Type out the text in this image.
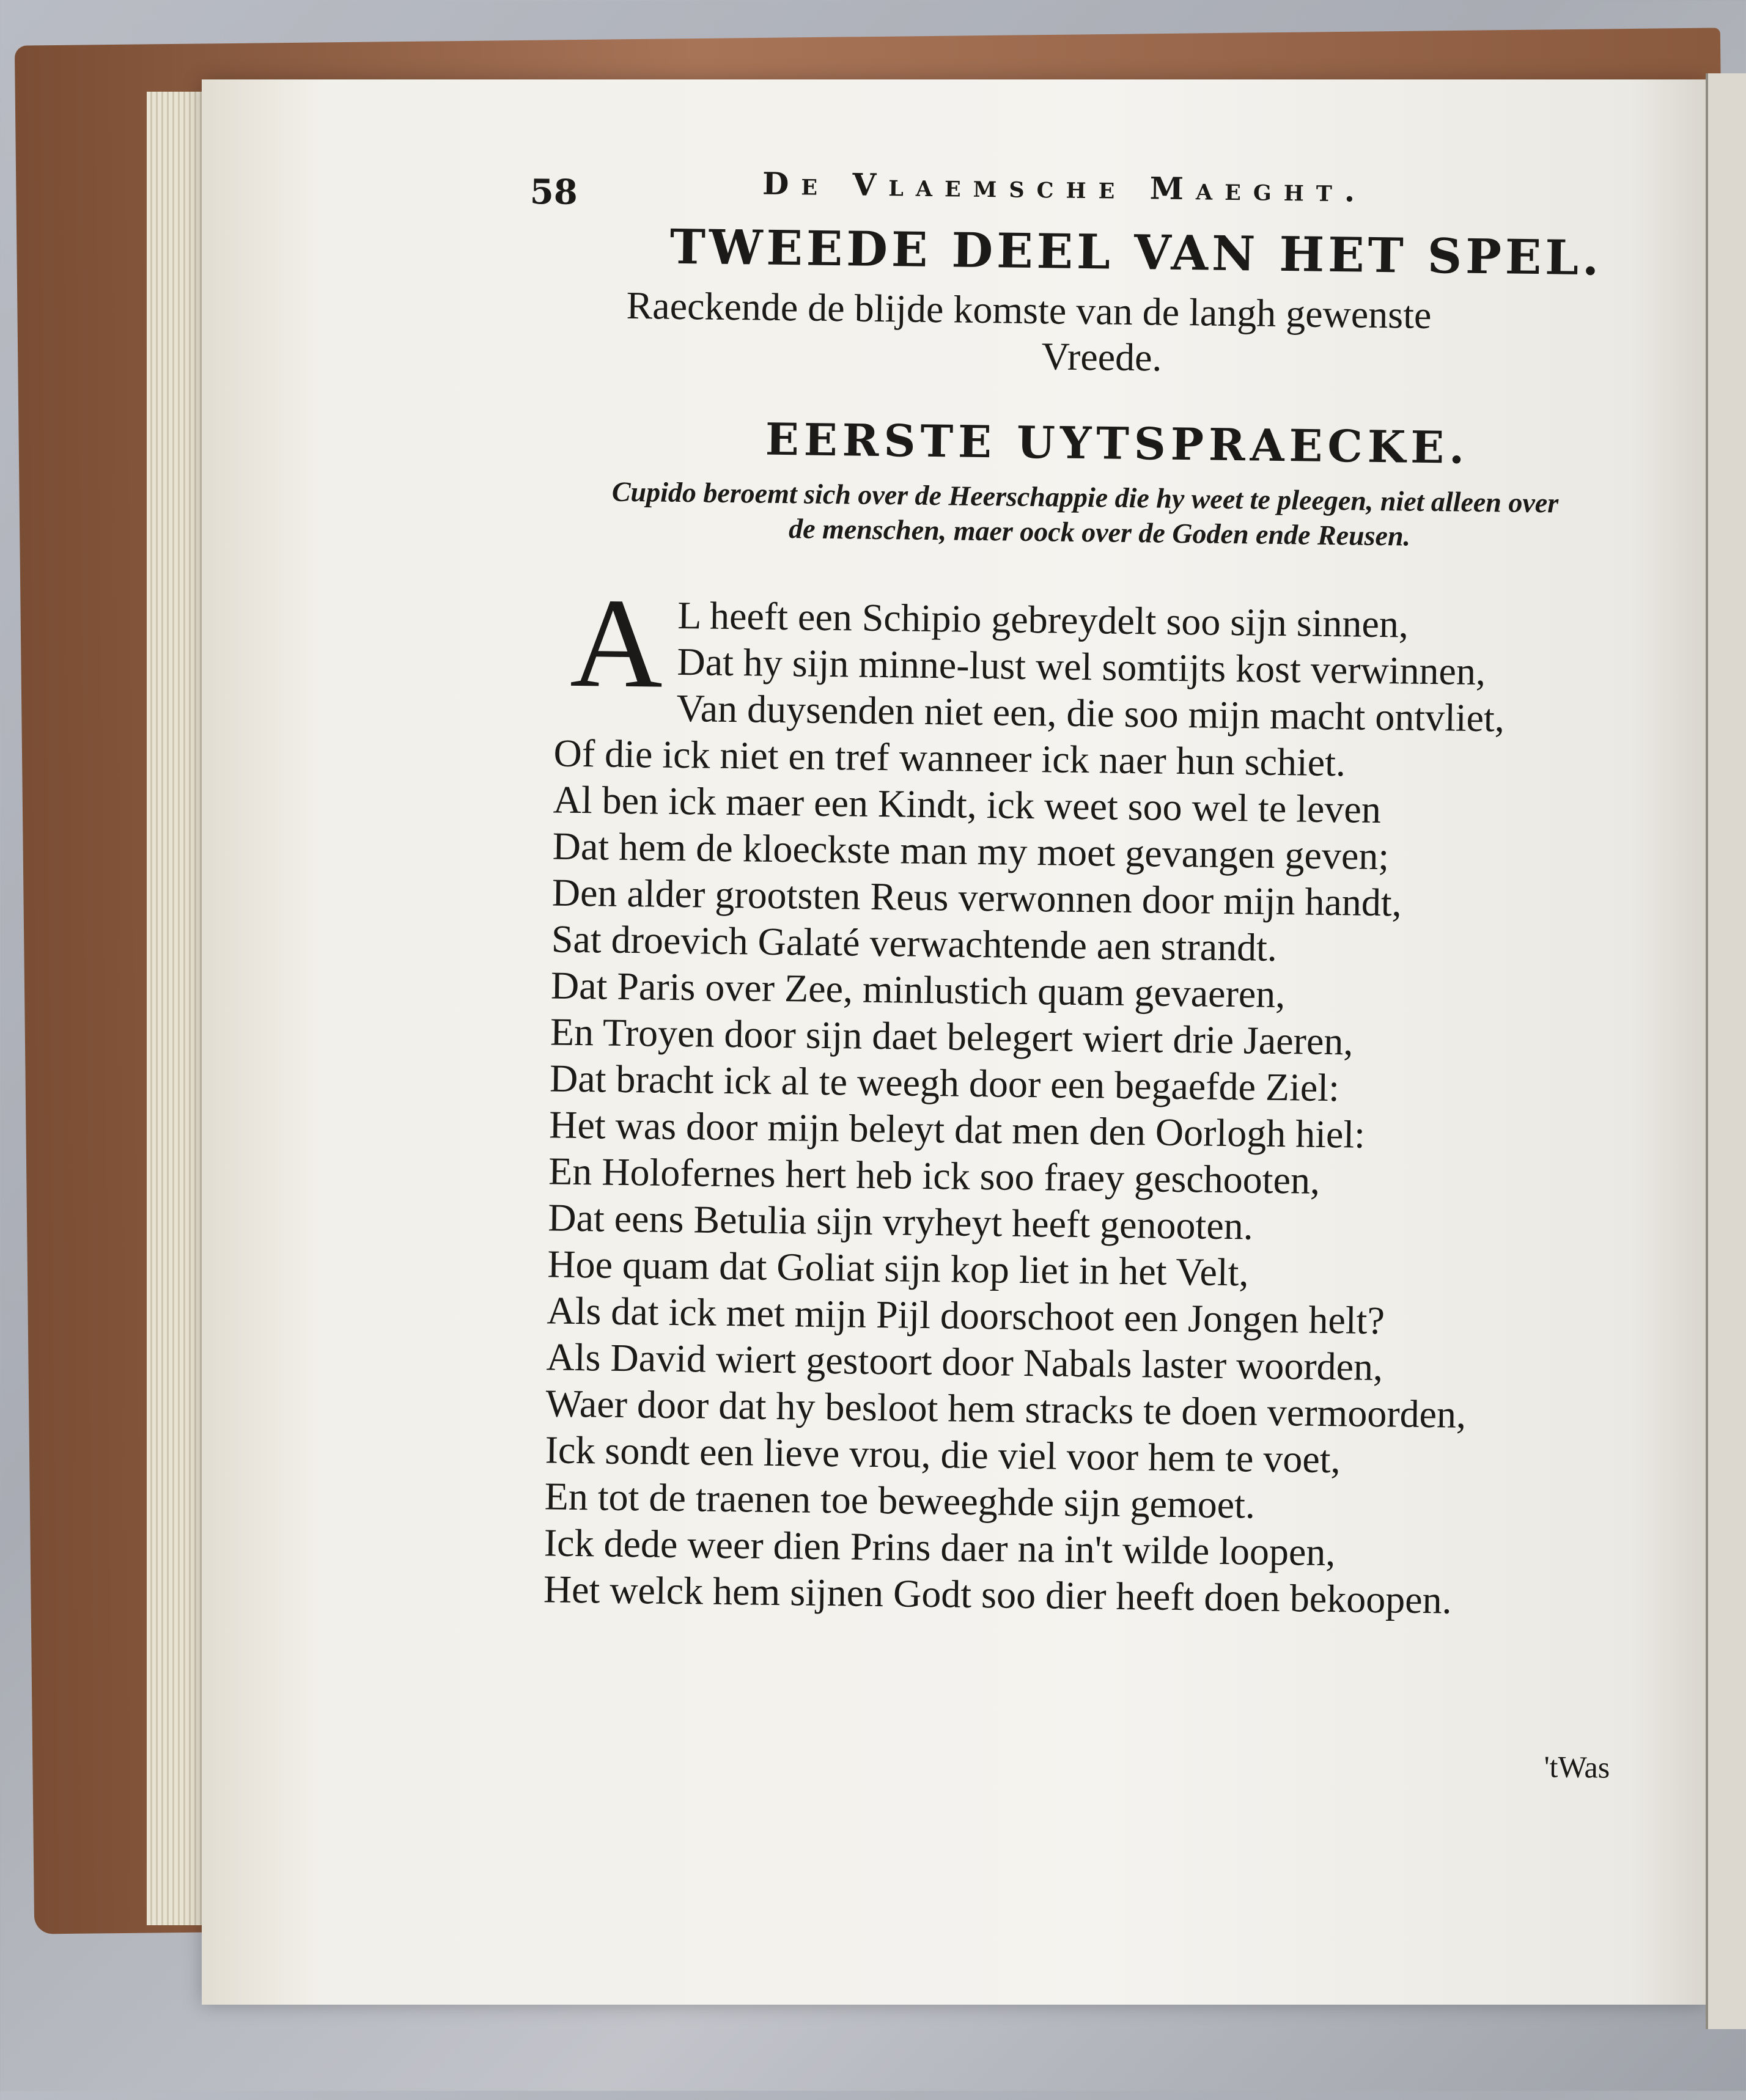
58	De Vlaemsche Maeght.
TWEEDE DEEL VAN HET SPEL.
Raeckende de blijde komste van de langh gewenste
Vreede.
EERSTE UYTSPRAECKE.
Cupido beroemt sich over de Heerschappie die hy weet te pleegen, niet alleen over
de menschen, maer oock over de Goden ende Reusen.
A L heeft een Schipio gebreydelt soo sijn sinnen,
Dat hy sijn minne-lust wel somtijts kost verwinnen,
Van duysenden niet een, die soo mijn macht ontvliet,
Of die ick niet en tref wanneer ick naer hun schiet.
Al ben ick maer een Kindt, ick weet soo wel te leven
Dat hem de kloeckste man my moet gevangen geven;
Den alder grootsten Reus verwonnen door mijn handt,
Sat droevich Galaté verwachtende aen strandt.
Dat Paris over Zee, minlustich quam gevaeren,
En Troyen door sijn daet belegert wiert drie Jaeren,
Dat bracht ick al te weegh door een begaefde Ziel:
Het was door mijn beleyt dat men den Oorlogh hiel:
En Holofernes hert heb ick soo fraey geschooten,
Dat eens Betulia sijn vryheyt heeft genooten.
Hoe quam dat Goliat sijn kop liet in het Velt,
Als dat ick met mijn Pijl doorschoot een Jongen helt?
Als David wiert gestoort door Nabals laster woorden,
Waer door dat hy besloot hem stracks te doen vermoorden,
Ick sondt een lieve vrou, die viel voor hem te voet,
En tot de traenen toe beweeghde sijn gemoet.
Ick dede weer dien Prins daer na in't wilde loopen,
Het welck hem sijnen Godt soo dier heeft doen bekoopen.
'tWas
